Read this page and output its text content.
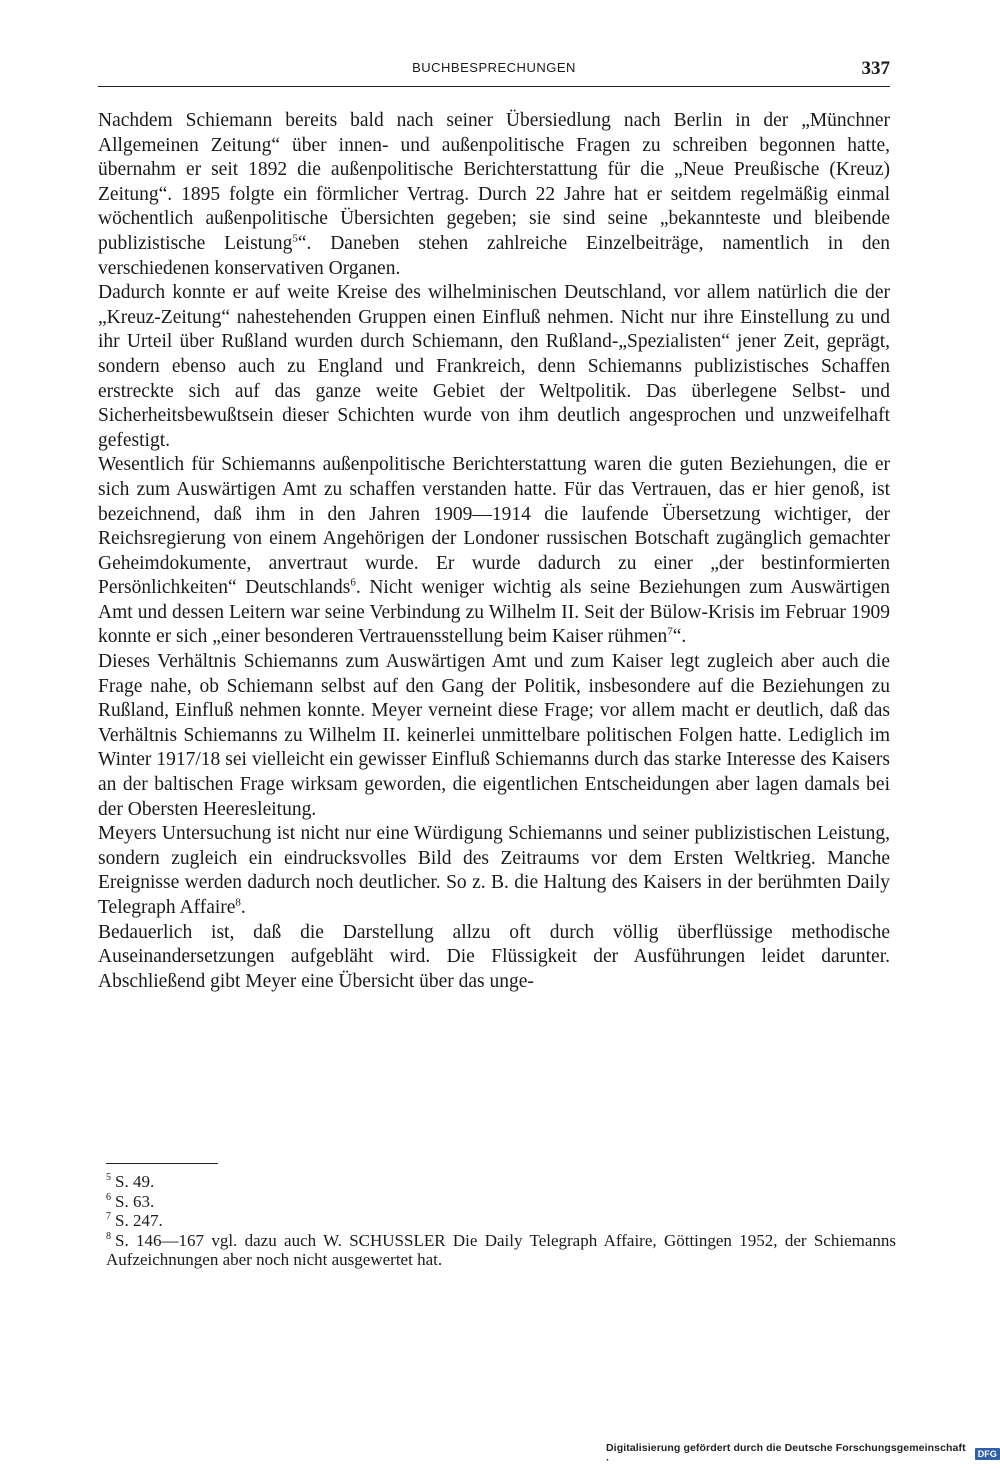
BUCHBESPRECHUNGEN	337

Nachdem Schiemann bereits bald nach seiner Übersiedlung nach Berlin in der „Münchner Allgemeinen Zeitung“ über innen- und außenpolitische Fragen zu schreiben begonnen hatte, übernahm er seit 1892 die außenpolitische Berichterstattung für die „Neue Preußische (Kreuz) Zeitung“. 1895 folgte ein förmlicher Vertrag. Durch 22 Jahre hat er seitdem regelmäßig einmal wöchentlich außenpolitische Übersichten gegeben; sie sind seine „bekannteste und bleibende publizistische Leistung$^5$“. Daneben stehen zahlreiche Einzelbeiträge, namentlich in den verschiedenen konservativen Organen.

Dadurch konnte er auf weite Kreise des wilhelminischen Deutschland, vor allem natürlich die der „Kreuz-Zeitung“ nahestehenden Gruppen einen Einfluß nehmen. Nicht nur ihre Einstellung zu und ihr Urteil über Rußland wurden durch Schiemann, den Rußland-„Spezialisten“ jener Zeit, geprägt, sondern ebenso auch zu England und Frankreich, denn Schiemanns publizistisches Schaffen erstreckte sich auf das ganze weite Gebiet der Weltpolitik. Das überlegene Selbst- und Sicherheitsbewußtsein dieser Schichten wurde von ihm deutlich angesprochen und unzweifelhaft gefestigt.

Wesentlich für Schiemanns außenpolitische Berichterstattung waren die guten Beziehungen, die er sich zum Auswärtigen Amt zu schaffen verstanden hatte. Für das Vertrauen, das er hier genoß, ist bezeichnend, daß ihm in den Jahren 1909—1914 die laufende Übersetzung wichtiger, der Reichsregierung von einem Angehörigen der Londoner russischen Botschaft zugänglich gemachter Geheimdokumente, anvertraut wurde. Er wurde dadurch zu einer „der bestinformierten Persönlichkeiten“ Deutschlands$^6$. Nicht weniger wichtig als seine Beziehungen zum Auswärtigen Amt und dessen Leitern war seine Verbindung zu Wilhelm II. Seit der Bülow-Krisis im Februar 1909 konnte er sich „einer besonderen Vertrauensstellung beim Kaiser rühmen$^7$“.

Dieses Verhältnis Schiemanns zum Auswärtigen Amt und zum Kaiser legt zugleich aber auch die Frage nahe, ob Schiemann selbst auf den Gang der Politik, insbesondere auf die Beziehungen zu Rußland, Einfluß nehmen konnte. Meyer verneint diese Frage; vor allem macht er deutlich, daß das Verhältnis Schiemanns zu Wilhelm II. keinerlei unmittelbare politischen Folgen hatte. Lediglich im Winter 1917/18 sei vielleicht ein gewisser Einfluß Schiemanns durch das starke Interesse des Kaisers an der baltischen Frage wirksam geworden, die eigentlichen Entscheidungen aber lagen damals bei der Obersten Heeresleitung.

Meyers Untersuchung ist nicht nur eine Würdigung Schiemanns und seiner publizistischen Leistung, sondern zugleich ein eindrucksvolles Bild des Zeitraums vor dem Ersten Weltkrieg. Manche Ereignisse werden dadurch noch deutlicher. So z. B. die Haltung des Kaisers in der berühmten Daily Telegraph Affaire$^8$.

Bedauerlich ist, daß die Darstellung allzu oft durch völlig überflüssige methodische Auseinandersetzungen aufgebläht wird. Die Flüssigkeit der Ausführungen leidet darunter. Abschließend gibt Meyer eine Übersicht über das unge-

$^5$ S. 49.

$^6$ S. 63.

$^7$ S. 247.

$^8$ S. 146—167 vgl. dazu auch W. SCHUSSLER Die Daily Telegraph Affaire, Göttingen 1952, der Schiemanns Aufzeichnungen aber noch nicht ausgewertet hat.

Digitalisierung gefördert durch die Deutsche Forschungsgemeinschaft ·	DFG
